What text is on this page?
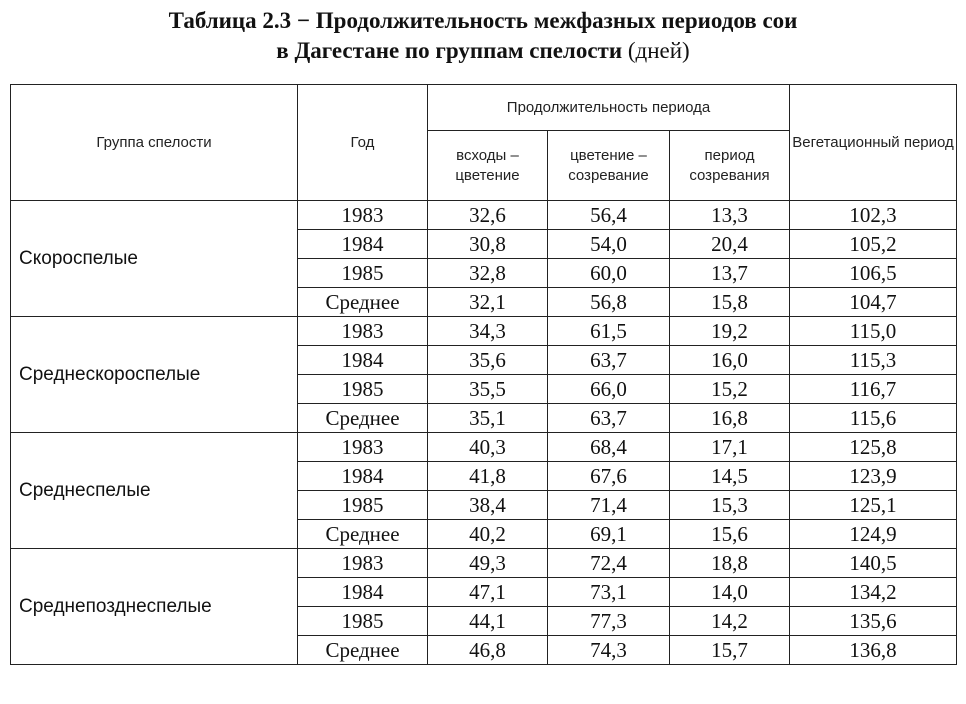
Таблица 2.3 − Продолжительность межфазных периодов сои
в Дагестане по группам спелости (дней)
Группа спелости	Год	Продолжительность периода			Вегетационный период
		всходы – цветение	цветение – созревание	период созревания	
Скороспелые	1983	32,6	56,4	13,3	102,3
	1984	30,8	54,0	20,4	105,2
	1985	32,8	60,0	13,7	106,5
	Среднее	32,1	56,8	15,8	104,7
Среднескороспелые	1983	34,3	61,5	19,2	115,0
	1984	35,6	63,7	16,0	115,3
	1985	35,5	66,0	15,2	116,7
	Среднее	35,1	63,7	16,8	115,6
Среднеспелые	1983	40,3	68,4	17,1	125,8
	1984	41,8	67,6	14,5	123,9
	1985	38,4	71,4	15,3	125,1
	Среднее	40,2	69,1	15,6	124,9
Среднепозднеспелые	1983	49,3	72,4	18,8	140,5
	1984	47,1	73,1	14,0	134,2
	1985	44,1	77,3	14,2	135,6
	Среднее	46,8	74,3	15,7	136,8
